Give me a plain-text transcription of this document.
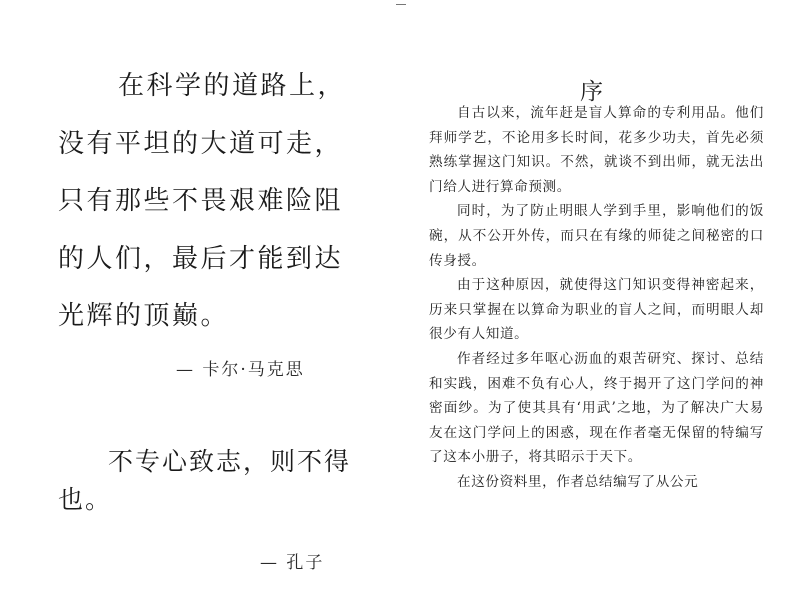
在科学的道路上，没有平坦的大道可走，只有那些不畏艰难险阻的人们，最后才能到达光辉的顶巅。
— 卡尔·马克思
不专心致志，则不得也。
— 孔子
序

自古以来，流年赶是盲人算命的专利用品。他们拜师学艺，不论用多长时间，花多少功夫，首先必须熟练掌握这门知识。不然，就谈不到出师，就无法出门给人进行算命预测。

同时，为了防止明眼人学到手里，影响他们的饭碗，从不公开外传，而只在有缘的师徒之间秘密的口传身授。

由于这种原因，就使得这门知识变得神密起来，历来只掌握在以算命为职业的盲人之间，而明眼人却很少有人知道。

作者经过多年呕心沥血的艰苦研究、探讨、总结和实践，困难不负有心人，终于揭开了这门学问的神密面纱。为了使其具有‘用武’之地，为了解决广大易友在这门学问上的困惑，现在作者毫无保留的特编写了这本小册子，将其昭示于天下。

在这份资料里，作者总结编写了从公元
